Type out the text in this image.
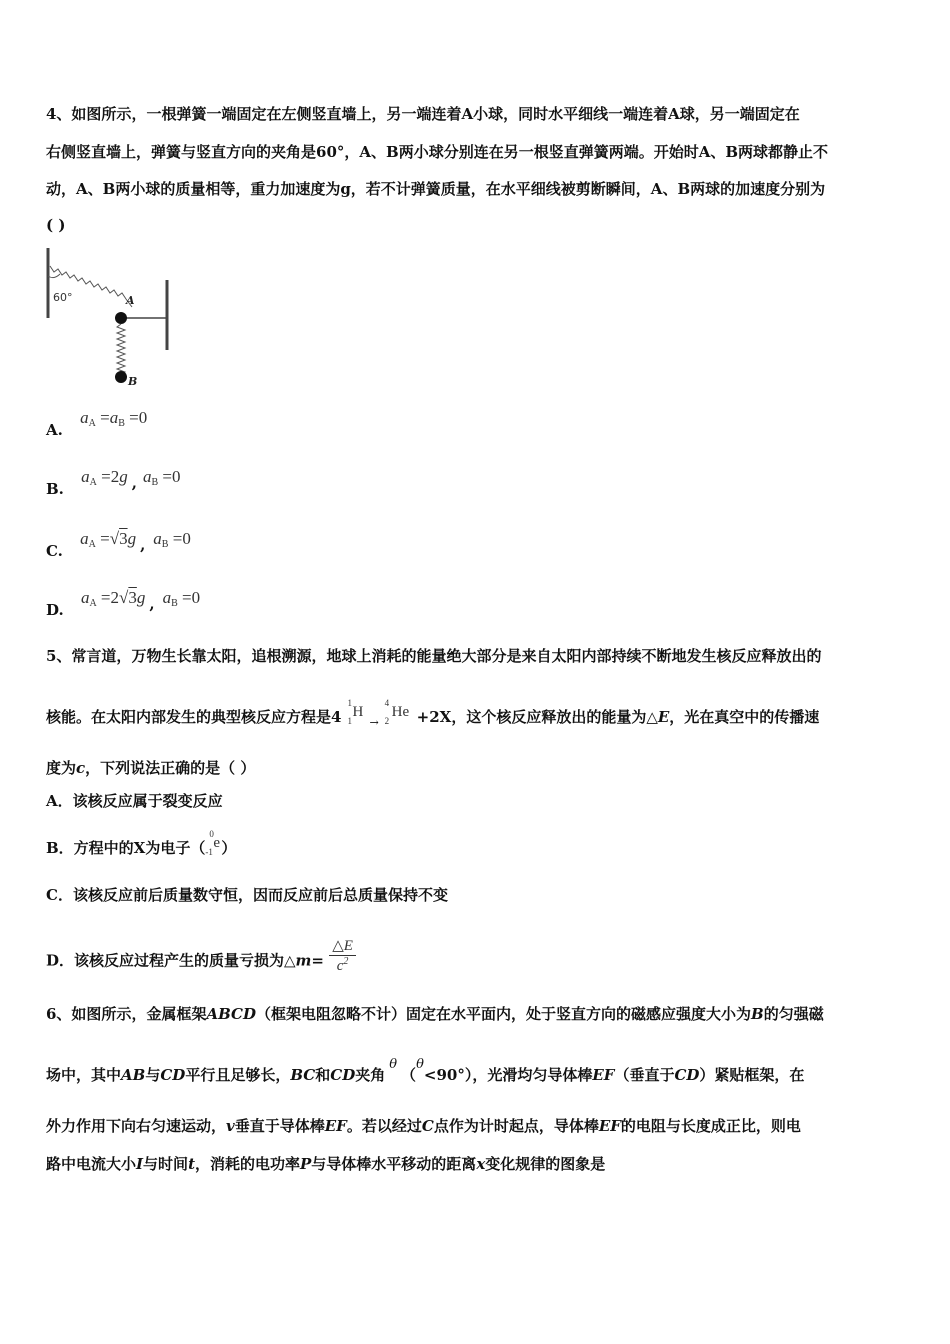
4、如图所示，一根弹簧一端固定在左侧竖直墙上，另一端连着A小球，同时水平细线一端连着A球，另一端固定在
右侧竖直墙上，弹簧与竖直方向的夹角是60°，A、B两小球分别连在另一根竖直弹簧两端。开始时A、B两球都静止不
动，A、B两小球的质量相等，重力加速度为g，若不计弹簧质量，在水平细线被剪断瞬间，A、B两球的加速度分别为
( )
60°	A
B
A. $a_A =a_B =0$
B. $a_A =2g$ , $a_B =0$
C. $a_A =√3g$ , $a_B =0$
D. $a_A =2√3g$ , $a_B =0$
5、常言道，万物生长靠太阳，追根溯源，地球上消耗的能量绝大部分是来自太阳内部持续不断地发生核反应释放出的
核能。在太阳内部发生的典型核反应方程是4
1
1
$H_\to$
4
2
He +2X，这个核反应释放出的能量为△E，光在真空中的传播速
度为c，下列说法正确的是（ ）
A．该核反应属于裂变反应
B．方程中的X为电子（
0
-1
e）
C．该核反应前后质量数守恒，因而反应前后总质量保持不变
D．该核反应过程产生的质量亏损为△m= $\frac{\triangle E}{c^2}$
6、如图所示，金属框架ABCD（框架电阻忽略不计）固定在水平面内，处于竖直方向的磁感应强度大小为B的匀强磁
场中，其中AB与CD平行且足够长，BC和CD夹角θ（θ<90°），光滑均匀导体棒EF（垂直于CD）紧贴框架，在
外力作用下向右匀速运动，v垂直于导体棒EF。若以经过C点作为计时起点，导体棒EF的电阻与长度成正比，则电
路中电流大小I与时间t，消耗的电功率P与导体棒水平移动的距离x变化规律的图象是
